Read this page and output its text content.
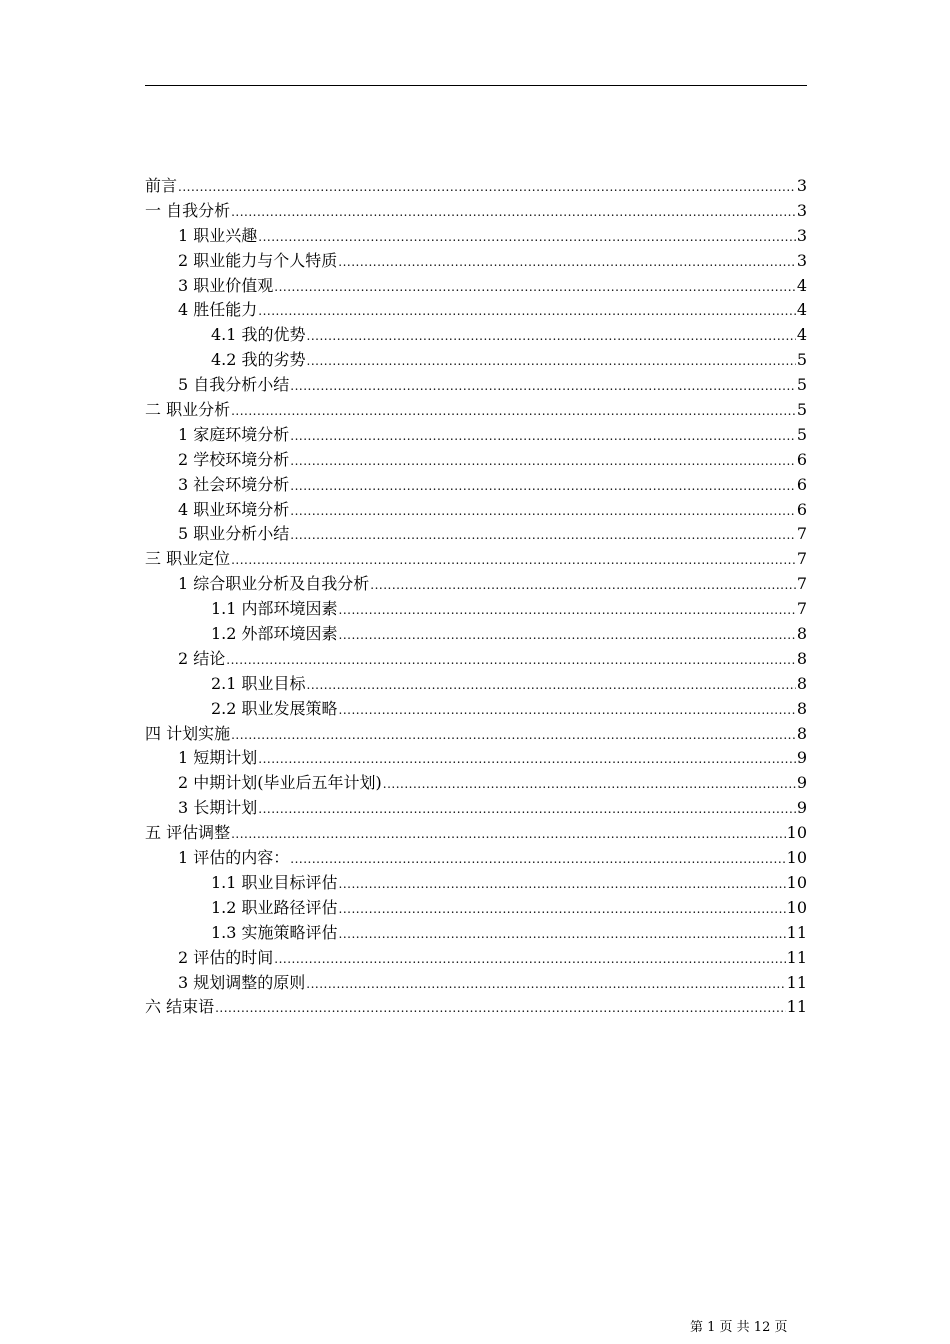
前言 .....	3
一 自我分析 .....	3
1 职业兴趣 .....	3
2 职业能力与个人特质 .....	3
3 职业价值观 .....	4
4 胜任能力 .....	4
4.1 我的优势 .....	4
4.2 我的劣势 .....	5
5 自我分析小结 .....	5
二 职业分析 .....	5
1 家庭环境分析 .....	5
2 学校环境分析 .....	6
3 社会环境分析 .....	6
4 职业环境分析 .....	6
5 职业分析小结 .....	7
三 职业定位 .....	7
1 综合职业分析及自我分析 .....	7
1.1 内部环境因素 .....	7
1.2 外部环境因素 .....	8
2 结论 .....	8
2.1 职业目标 .....	8
2.2 职业发展策略 .....	8
四 计划实施 .....	8
1 短期计划 .....	9
2 中期计划(毕业后五年计划) .....	9
3 长期计划 .....	9
五 评估调整 .....	10
1 评估的内容： .....	10
1.1 职业目标评估 .....	10
1.2 职业路径评估 .....	10
1.3 实施策略评估 .....	11
2 评估的时间 .....	11
3 规划调整的原则 .....	11
六 结束语 .....	11
第 1 页 共 12 页
